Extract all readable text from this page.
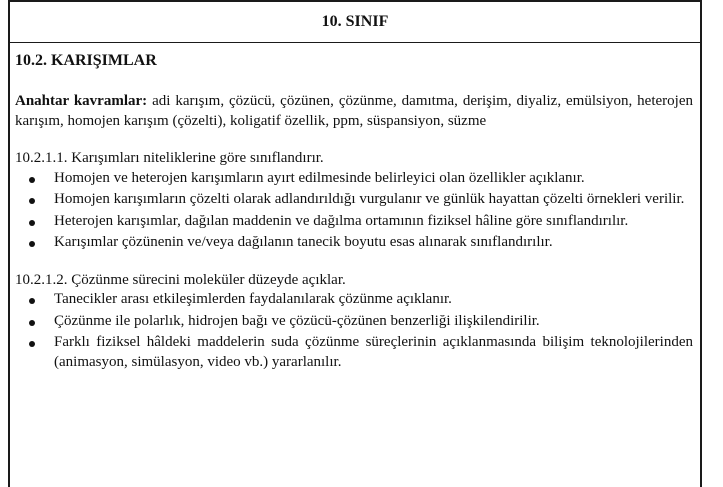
10. SINIF

10.2. KARIŞIMLAR

Anahtar kavramlar: adi karışım, çözücü, çözünen, çözünme, damıtma, derişim, diyaliz, emülsiyon, heterojen karışım, homojen karışım (çözelti), koligatif özellik, ppm, süspansiyon, süzme

10.2.1.1. Karışımları niteliklerine göre sınıflandırır.

Homojen ve heterojen karışımların ayırt edilmesinde belirleyici olan özellikler açıklanır.
Homojen karışımların çözelti olarak adlandırıldığı vurgulanır ve günlük hayattan çözelti örnekleri verilir.
Heterojen karışımlar, dağılan maddenin ve dağılma ortamının fiziksel hâline göre sınıflandırılır.
Karışımlar çözünenin ve/veya dağılanın tanecik boyutu esas alınarak sınıflandırılır.

10.2.1.2. Çözünme sürecini moleküler düzeyde açıklar.

Tanecikler arası etkileşimlerden faydalanılarak çözünme açıklanır.
Çözünme ile polarlık, hidrojen bağı ve çözücü-çözünen benzerliği ilişkilendirilir.
Farklı fiziksel hâldeki maddelerin suda çözünme süreçlerinin açıklanmasında bilişim teknolojilerinden (animasyon, simülasyon, video vb.) yararlanılır.
